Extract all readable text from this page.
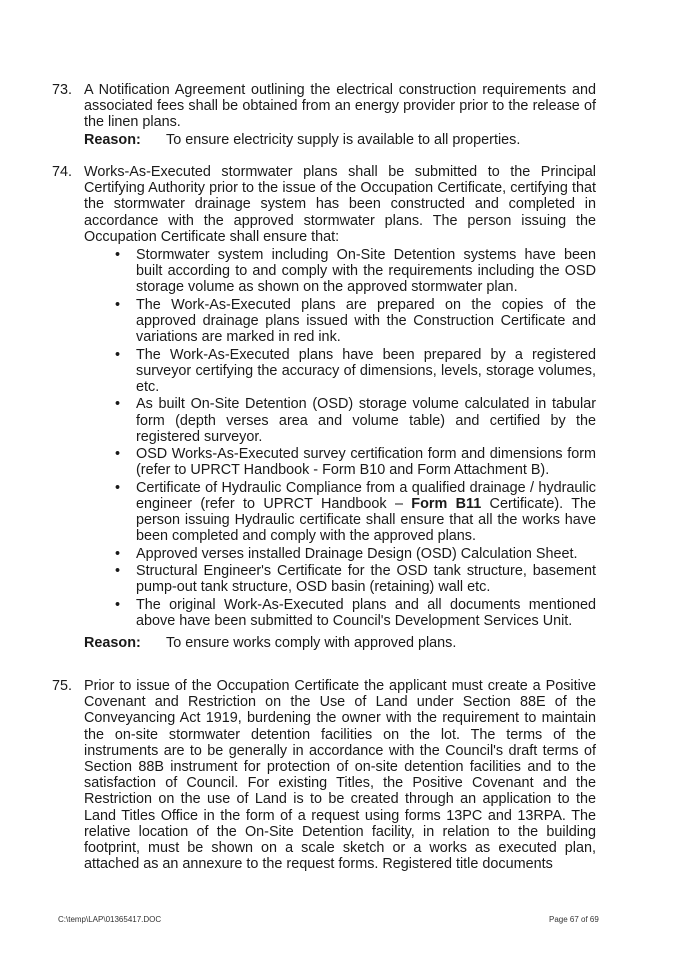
73. A Notification Agreement outlining the electrical construction requirements and associated fees shall be obtained from an energy provider prior to the release of the linen plans.

Reason:	To ensure electricity supply is available to all properties.
74. Works-As-Executed stormwater plans shall be submitted to the Principal Certifying Authority prior to the issue of the Occupation Certificate, certifying that the stormwater drainage system has been constructed and completed in accordance with the approved stormwater plans. The person issuing the Occupation Certificate shall ensure that:

• Stormwater system including On-Site Detention systems have been built according to and comply with the requirements including the OSD storage volume as shown on the approved stormwater plan.
• The Work-As-Executed plans are prepared on the copies of the approved drainage plans issued with the Construction Certificate and variations are marked in red ink.
• The Work-As-Executed plans have been prepared by a registered surveyor certifying the accuracy of dimensions, levels, storage volumes, etc.
• As built On-Site Detention (OSD) storage volume calculated in tabular form (depth verses area and volume table) and certified by the registered surveyor.
• OSD Works-As-Executed survey certification form and dimensions form (refer to UPRCT Handbook - Form B10 and Form Attachment B).
• Certificate of Hydraulic Compliance from a qualified drainage / hydraulic engineer (refer to UPRCT Handbook – Form B11 Certificate). The person issuing Hydraulic certificate shall ensure that all the works have been completed and comply with the approved plans.
• Approved verses installed Drainage Design (OSD) Calculation Sheet.
• Structural Engineer's Certificate for the OSD tank structure, basement pump-out tank structure, OSD basin (retaining) wall etc.
• The original Work-As-Executed plans and all documents mentioned above have been submitted to Council's Development Services Unit.
Reason:	To ensure works comply with approved plans.
75. Prior to issue of the Occupation Certificate the applicant must create a Positive Covenant and Restriction on the Use of Land under Section 88E of the Conveyancing Act 1919, burdening the owner with the requirement to maintain the on-site stormwater detention facilities on the lot. The terms of the instruments are to be generally in accordance with the Council's draft terms of Section 88B instrument for protection of on-site detention facilities and to the satisfaction of Council. For existing Titles, the Positive Covenant and the Restriction on the use of Land is to be created through an application to the Land Titles Office in the form of a request using forms 13PC and 13RPA. The relative location of the On-Site Detention facility, in relation to the building footprint, must be shown on a scale sketch or a works as executed plan, attached as an annexure to the request forms. Registered title documents

C:\temp\LAP\01365417.DOC	Page 67 of 69
